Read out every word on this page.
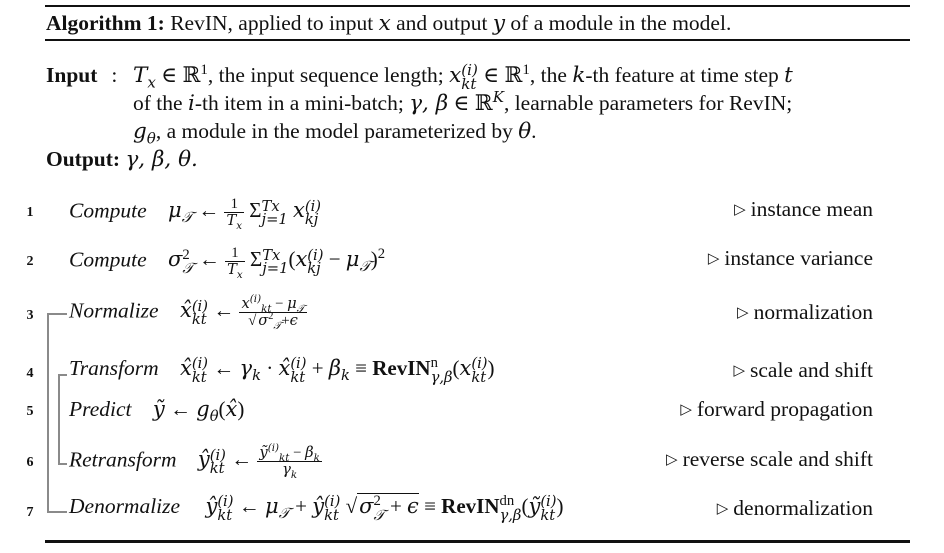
Algorithm 1: RevIN, applied to input x and output y of a module in the model.
Input : $T_x$ ∈ ℝ$^1$, the input sequence length; x (i)
kt ∈ ℝ$^1$, the k-th feature at time step t
of the i-th item in a mini-batch; γ, β ∈ ℝ$^K$, learnable parameters for RevIN;
$g_\theta$, a module in the model parameterized by θ.
Output: γ, β, θ.
1 Compute $\mu_𝒯$ ← $\frac{1}{T_x}$ Σ Tx
j=1 x (i)
kj
▷ instance mean
2 Compute σ 2
𝒯 ← $\frac{1}{T_x}$ Σ Tx
j=1 (x (i)
kj − $\mu_𝒯)^2$	▷ instance variance
3 Normalize x̂ (i)
kt ← $\frac{x^{(i)}_{kt} - \mu_𝒯}{√ \sigma^2_𝒯+\epsilon}$	▷ normalization
4 Transform x̂ (i)
kt ← $\gamma_k$ · x̂ (i)
kt + $\beta_k$ ≡ RevIN n
γ,β (x (i)
kt )	▷ scale and shift
5 Predict ỹ ← $g_\theta(x̂)$	▷ forward propagation
6 Retransform ŷ (i)
kt ← $\frac{ỹ^{(i)}_{kt} - \beta_k}{\gamma_k}$	▷ reverse scale and shift
7 Denormalize ŷ (i)
kt ← $\mu_𝒯$ + ŷ (i)
kt √σ 2
𝒯 + ϵ ≡ RevIN dn
γ,β (ỹ (i)
kt )	▷ denormalization
